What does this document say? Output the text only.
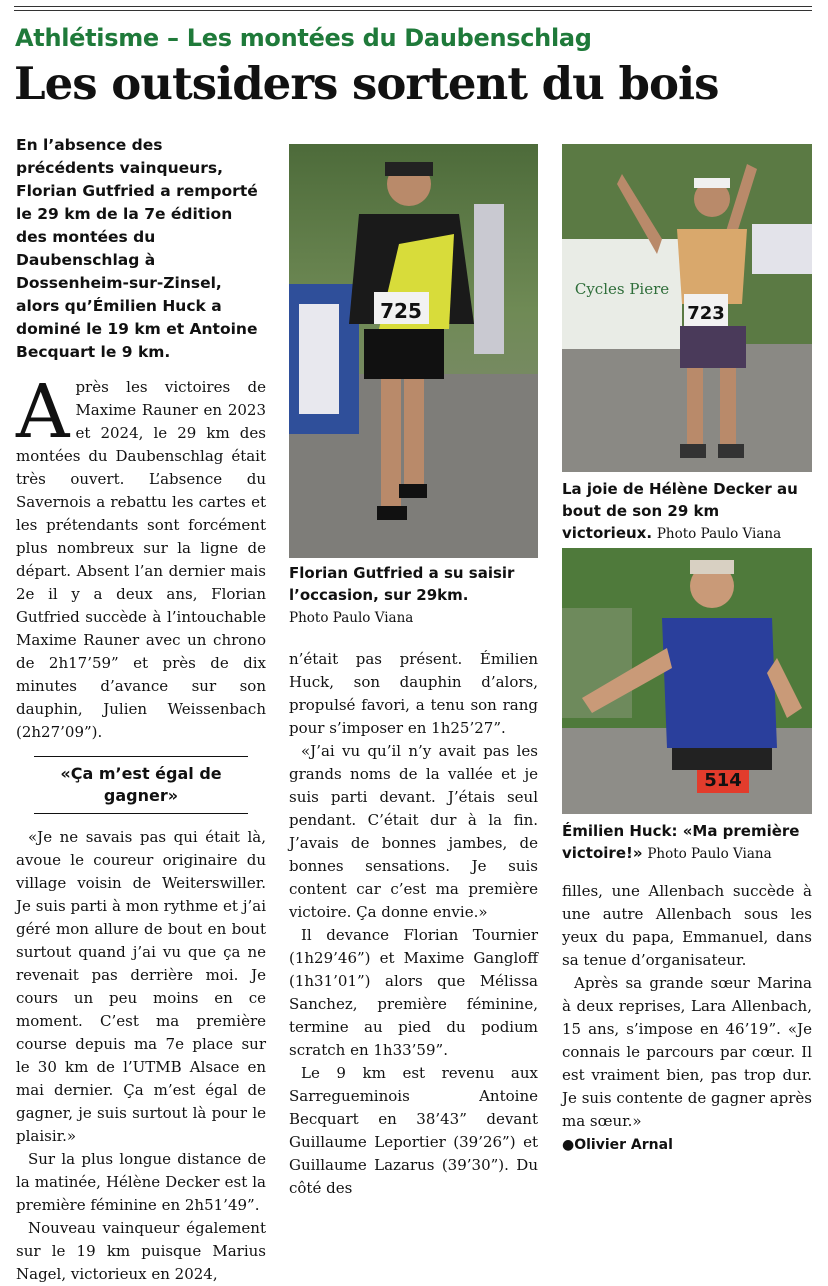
Athlétisme – Les montées du Daubenschlag
Les outsiders sortent du bois

En l’absence des précédents vainqueurs, Florian Gutfried a remporté le 29 km de la 7e édition des montées du Daubenschlag à Dossenheim-sur-Zinsel, alors qu’Émilien Huck a dominé le 19 km et Antoine Becquart le 9 km.

A près les victoires de Maxime Rauner en 2023 et 2024, le 29 km des montées du Daubenschlag était très ouvert. L’absence du Savernois a rebattu les cartes et les prétendants sont forcément plus nombreux sur la ligne de départ. Absent l’an dernier mais 2e il y a deux ans, Florian Gutfried succède à l’intouchable Maxime Rauner avec un chrono de 2h17’59” et près de dix minutes d’avance sur son dauphin, Julien Weissenbach (2h27’09”).

«Ça m’est égal de gagner»

«Je ne savais pas qui était là, avoue le coureur originaire du village voisin de Weiterswiller. Je suis parti à mon rythme et j’ai géré mon allure de bout en bout surtout quand j’ai vu que ça ne revenait pas derrière moi. Je cours un peu moins en ce moment. C’est ma première course depuis ma 7e place sur le 30 km de l’UTMB Alsace en mai dernier. Ça m’est égal de gagner, je suis surtout là pour le plaisir.»

Sur la plus longue distance de la matinée, Hélène Decker est la première féminine en 2h51’49”.

Nouveau vainqueur également sur le 19 km puisque Marius Nagel, victorieux en 2024,

725
Florian Gutfried a su saisir l’occasion, sur 29km.
Photo Paulo Viana

n’était pas présent. Émilien Huck, son dauphin d’alors, propulsé favori, a tenu son rang pour s’imposer en 1h25’27”.

«J’ai vu qu’il n’y avait pas les grands noms de la vallée et je suis parti devant. J’étais seul pendant. C’était dur à la fin. J’avais de bonnes jambes, de bonnes sensations. Je suis content car c’est ma première victoire. Ça donne envie.»

Il devance Florian Tournier (1h29’46”) et Maxime Gangloff (1h31’01”) alors que Mélissa Sanchez, première féminine, termine au pied du podium scratch en 1h33’59”.

Le 9 km est revenu aux Sarregueminois Antoine Becquart en 38’43” devant Guillaume Leportier (39’26”) et Guillaume Lazarus (39’30”). Du côté des

Cycles Piere
723
La joie de Hélène Decker au bout de son 29 km victorieux. Photo Paulo Viana
514
Émilien Huck: «Ma première victoire!» Photo Paulo Viana

filles, une Allenbach succède à une autre Allenbach sous les yeux du papa, Emmanuel, dans sa tenue d’organisateur.

Après sa grande sœur Marina à deux reprises, Lara Allenbach, 15 ans, s’impose en 46’19”. «Je connais le parcours par cœur. Il est vraiment bien, pas trop dur. Je suis contente de gagner après ma sœur.»

●Olivier Arnal
